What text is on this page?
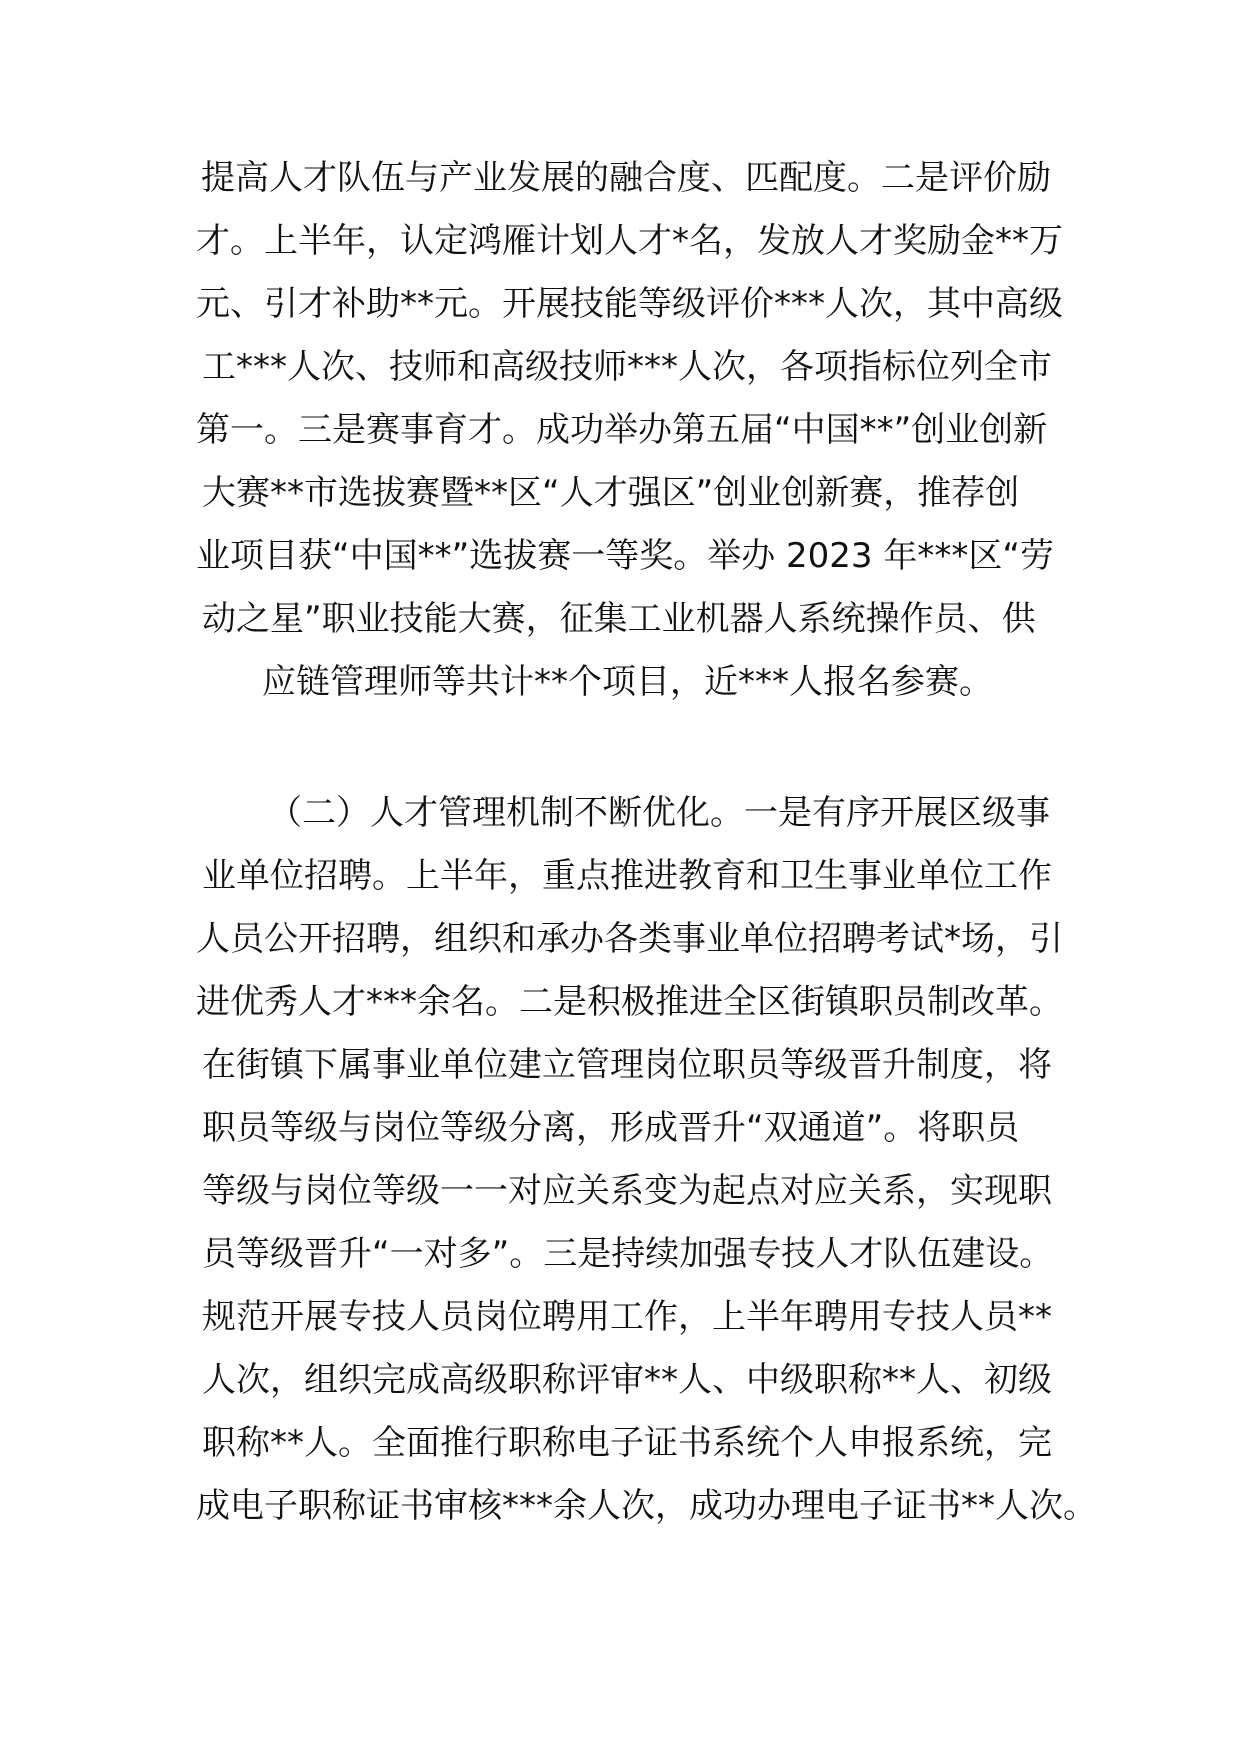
提高人才队伍与产业发展的融合度、匹配度。二是评价励
才。上半年，认定鸿雁计划人才*名，发放人才奖励金**万
元、引才补助**元。开展技能等级评价***人次，其中高级
工***人次、技师和高级技师***人次，各项指标位列全市
第一。三是赛事育才。成功举办第五届“中国**”创业创新
大赛**市选拔赛暨**区“人才强区”创业创新赛，推荐创
业项目获“中国**”选拔赛一等奖。举办 2023 年***区“劳
动之星”职业技能大赛，征集工业机器人系统操作员、供
应链管理师等共计**个项目，近***人报名参赛。
（二）人才管理机制不断优化。一是有序开展区级事
业单位招聘。上半年，重点推进教育和卫生事业单位工作
人员公开招聘，组织和承办各类事业单位招聘考试*场，引
进优秀人才***余名。二是积极推进全区街镇职员制改革。
在街镇下属事业单位建立管理岗位职员等级晋升制度，将
职员等级与岗位等级分离，形成晋升“双通道”。将职员
等级与岗位等级一一对应关系变为起点对应关系，实现职
员等级晋升“一对多”。三是持续加强专技人才队伍建设。
规范开展专技人员岗位聘用工作，上半年聘用专技人员**
人次，组织完成高级职称评审**人、中级职称**人、初级
职称**人。全面推行职称电子证书系统个人申报系统，完
成电子职称证书审核***余人次，成功办理电子证书**人次。
